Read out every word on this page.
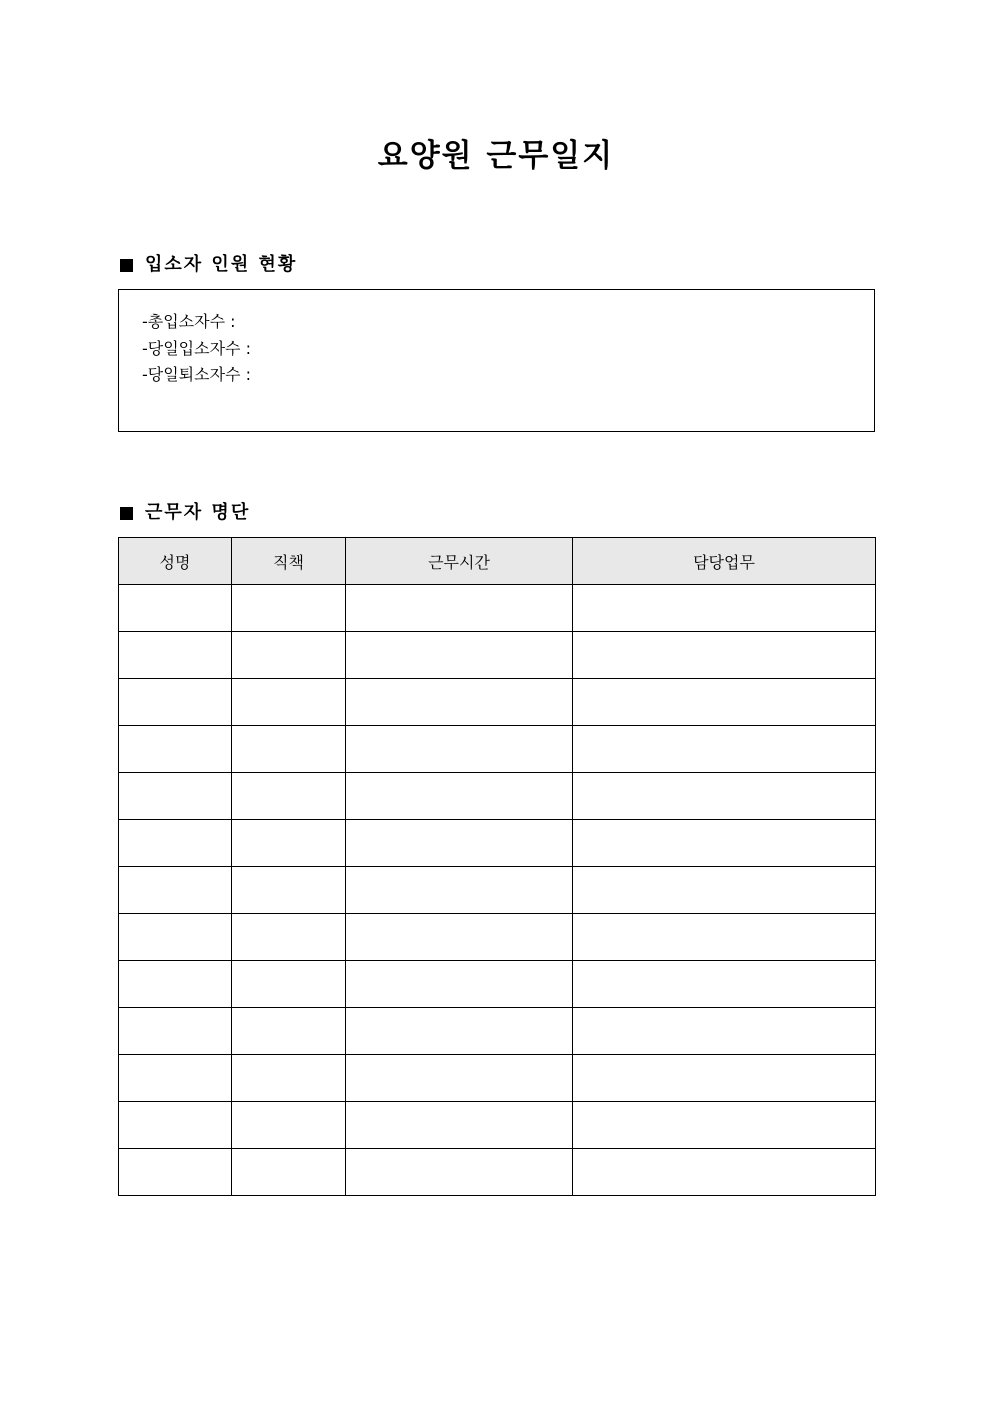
요양원 근무일지
입소자 인원 현황
-총입소자수 :
-당일입소자수 :
-당일퇴소자수 :
근무자 명단
성명	직책	근무시간	담당업무
